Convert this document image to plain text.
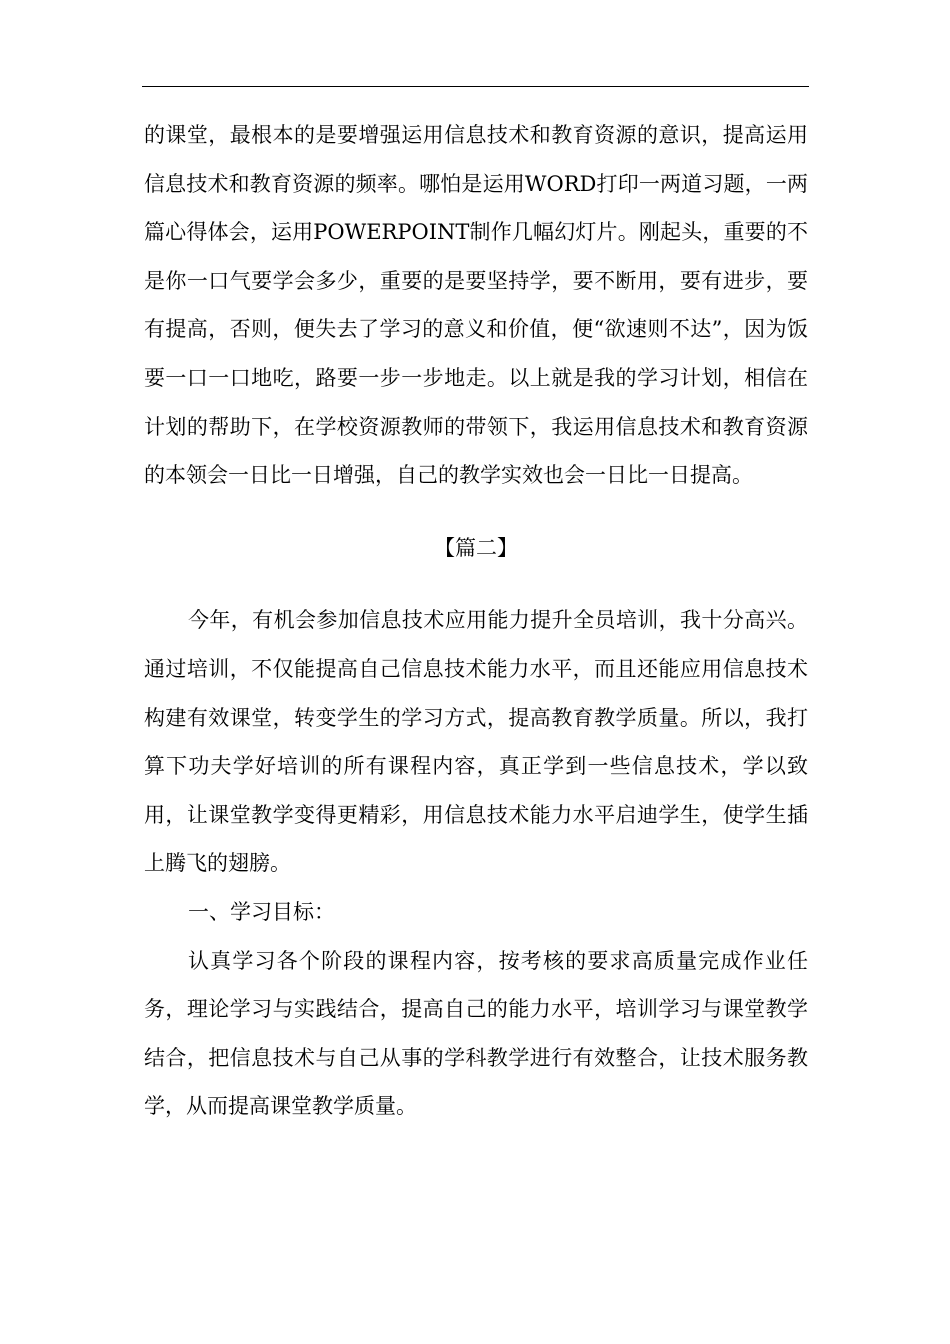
的课堂，最根本的是要增强运用信息技术和教育资源的意识，提高运用信息技术和教育资源的频率。哪怕是运用WORD打印一两道习题，一两篇心得体会，运用POWERPOINT制作几幅幻灯片。刚起头，重要的不是你一口气要学会多少，重要的是要坚持学，要不断用，要有进步，要有提高，否则，便失去了学习的意义和价值，便“欲速则不达”，因为饭要一口一口地吃，路要一步一步地走。以上就是我的学习计划，相信在计划的帮助下，在学校资源教师的带领下，我运用信息技术和教育资源的本领会一日比一日增强，自己的教学实效也会一日比一日提高。

【篇二】

今年，有机会参加信息技术应用能力提升全员培训，我十分高兴。通过培训，不仅能提高自己信息技术能力水平，而且还能应用信息技术构建有效课堂，转变学生的学习方式，提高教育教学质量。所以，我打算下功夫学好培训的所有课程内容，真正学到一些信息技术，学以致用，让课堂教学变得更精彩，用信息技术能力水平启迪学生，使学生插上腾飞的翅膀。

一、学习目标：

认真学习各个阶段的课程内容，按考核的要求高质量完成作业任务，理论学习与实践结合，提高自己的能力水平，培训学习与课堂教学结合，把信息技术与自己从事的学科教学进行有效整合，让技术服务教学，从而提高课堂教学质量。
